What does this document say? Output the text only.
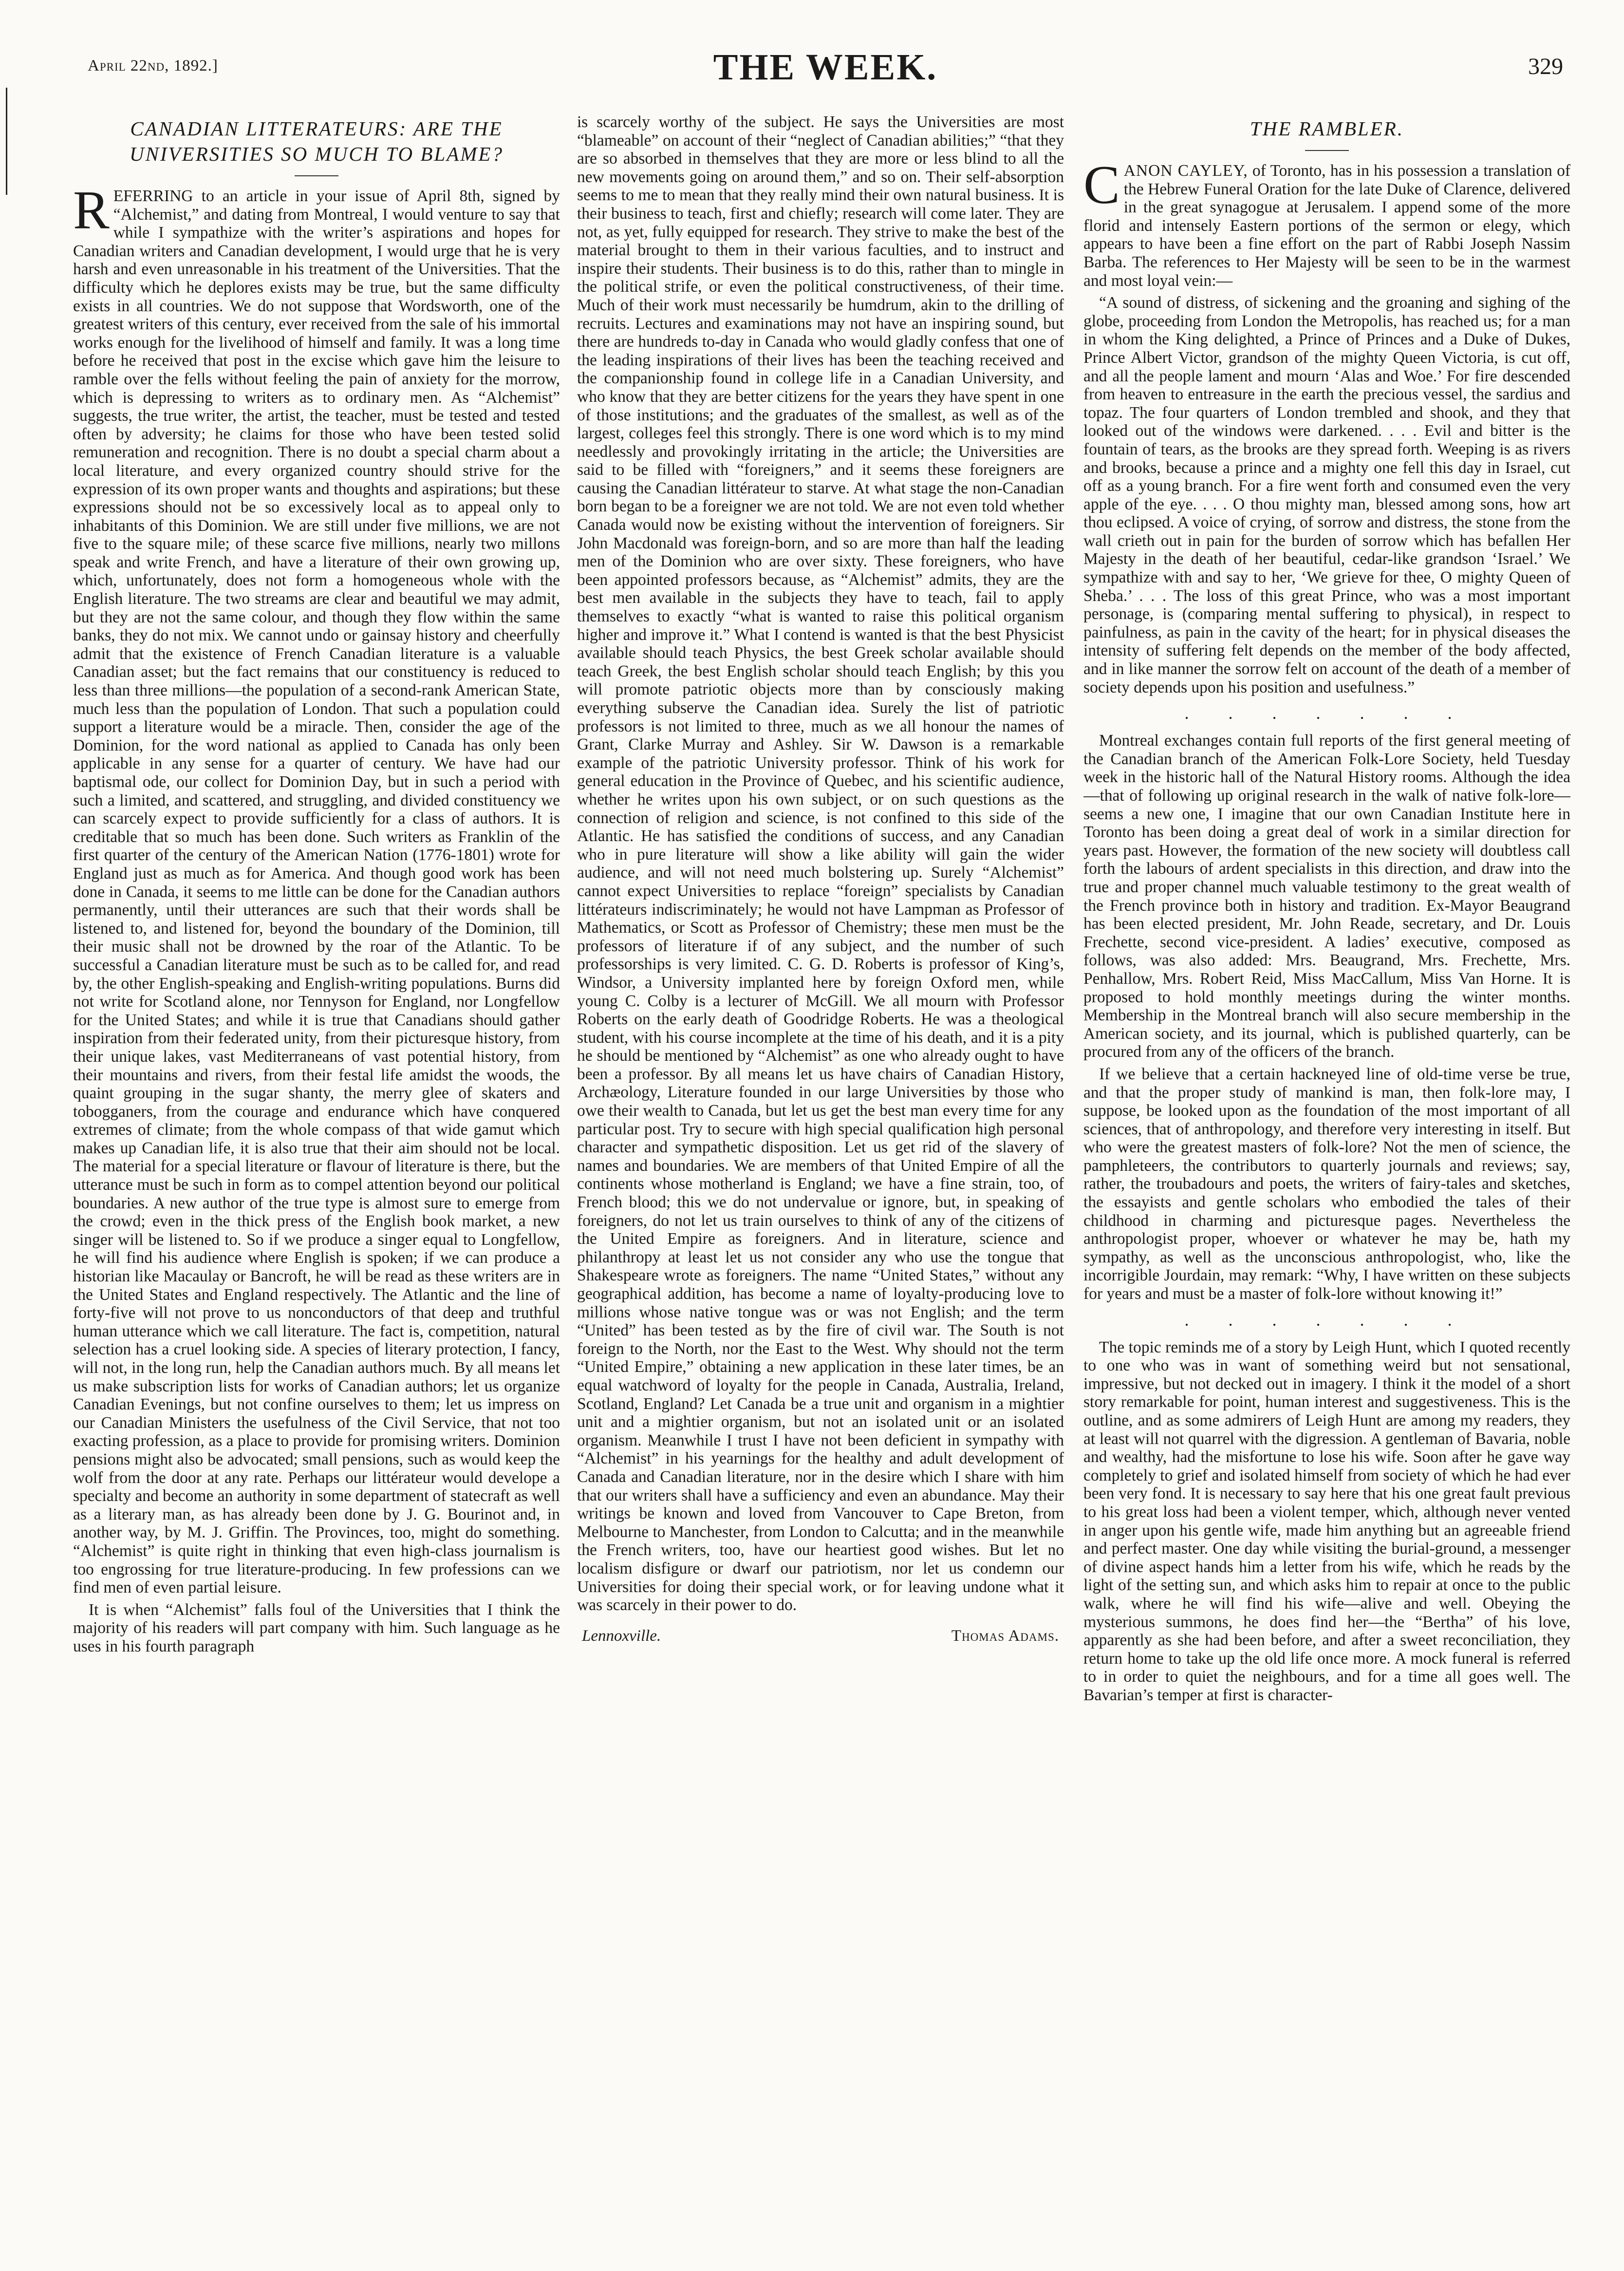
April 22nd, 1892.]	THE WEEK.	329
CANADIAN LITTERATEURS: ARE THE UNIVERSITIES SO MUCH TO BLAME?

REFERRING to an article in your issue of April 8th, signed by “Alchemist,” and dating from Montreal, I would venture to say that while I sympathize with the writer’s aspirations and hopes for Canadian writers and Canadian development, I would urge that he is very harsh and even unreasonable in his treatment of the Universities. That the difficulty which he deplores exists may be true, but the same difficulty exists in all countries. We do not suppose that Wordsworth, one of the greatest writers of this century, ever received from the sale of his immortal works enough for the livelihood of himself and family. It was a long time before he received that post in the excise which gave him the leisure to ramble over the fells without feeling the pain of anxiety for the morrow, which is depressing to writers as to ordinary men. As “Alchemist” suggests, the true writer, the artist, the teacher, must be tested and tested often by adversity; he claims for those who have been tested solid remuneration and recognition. There is no doubt a special charm about a local literature, and every organized country should strive for the expression of its own proper wants and thoughts and aspirations; but these expressions should not be so excessively local as to appeal only to inhabitants of this Dominion. We are still under five millions, we are not five to the square mile; of these scarce five millions, nearly two millons speak and write French, and have a literature of their own growing up, which, unfortunately, does not form a homogeneous whole with the English literature. The two streams are clear and beautiful we may admit, but they are not the same colour, and though they flow within the same banks, they do not mix. We cannot undo or gainsay history and cheerfully admit that the existence of French Canadian literature is a valuable Canadian asset; but the fact remains that our constituency is reduced to less than three millions—the population of a second-rank American State, much less than the population of London. That such a population could support a literature would be a miracle. Then, consider the age of the Dominion, for the word national as applied to Canada has only been applicable in any sense for a quarter of century. We have had our baptismal ode, our collect for Dominion Day, but in such a period with such a limited, and scattered, and struggling, and divided constituency we can scarcely expect to provide sufficiently for a class of authors. It is creditable that so much has been done. Such writers as Franklin of the first quarter of the century of the American Nation (1776-1801) wrote for England just as much as for America. And though good work has been done in Canada, it seems to me little can be done for the Canadian authors permanently, until their utterances are such that their words shall be listened to, and listened for, beyond the boundary of the Dominion, till their music shall not be drowned by the roar of the Atlantic. To be successful a Canadian literature must be such as to be called for, and read by, the other English-speaking and English-writing populations. Burns did not write for Scotland alone, nor Tennyson for England, nor Longfellow for the United States; and while it is true that Canadians should gather inspiration from their federated unity, from their picturesque history, from their unique lakes, vast Mediterraneans of vast potential history, from their mountains and rivers, from their festal life amidst the woods, the quaint grouping in the sugar shanty, the merry glee of skaters and tobogganers, from the courage and endurance which have conquered extremes of climate; from the whole compass of that wide gamut which makes up Canadian life, it is also true that their aim should not be local. The material for a special literature or flavour of literature is there, but the utterance must be such in form as to compel attention beyond our political boundaries. A new author of the true type is almost sure to emerge from the crowd; even in the thick press of the English book market, a new singer will be listened to. So if we produce a singer equal to Longfellow, he will find his audience where English is spoken; if we can produce a historian like Macaulay or Bancroft, he will be read as these writers are in the United States and England respectively. The Atlantic and the line of forty-five will not prove to us nonconductors of that deep and truthful human utterance which we call literature. The fact is, competition, natural selection has a cruel looking side. A species of literary protection, I fancy, will not, in the long run, help the Canadian authors much. By all means let us make subscription lists for works of Canadian authors; let us organize Canadian Evenings, but not confine ourselves to them; let us impress on our Canadian Ministers the usefulness of the Civil Service, that not too exacting profession, as a place to provide for promising writers. Dominion pensions might also be advocated; small pensions, such as would keep the wolf from the door at any rate. Perhaps our littérateur would develope a specialty and become an authority in some department of statecraft as well as a literary man, as has already been done by J. G. Bourinot and, in another way, by M. J. Griffin. The Provinces, too, might do something. “Alchemist” is quite right in thinking that even high-class journalism is too engrossing for true literature-producing. In few professions can we find men of even partial leisure.

It is when “Alchemist” falls foul of the Universities that I think the majority of his readers will part company with him. Such language as he uses in his fourth paragraph

is scarcely worthy of the subject. He says the Universities are most “blameable” on account of their “neglect of Canadian abilities;” “that they are so absorbed in themselves that they are more or less blind to all the new movements going on around them,” and so on. Their self-absorption seems to me to mean that they really mind their own natural business. It is their business to teach, first and chiefly; research will come later. They are not, as yet, fully equipped for research. They strive to make the best of the material brought to them in their various faculties, and to instruct and inspire their students. Their business is to do this, rather than to mingle in the political strife, or even the political constructiveness, of their time. Much of their work must necessarily be humdrum, akin to the drilling of recruits. Lectures and examinations may not have an inspiring sound, but there are hundreds to-day in Canada who would gladly confess that one of the leading inspirations of their lives has been the teaching received and the companionship found in college life in a Canadian University, and who know that they are better citizens for the years they have spent in one of those institutions; and the graduates of the smallest, as well as of the largest, colleges feel this strongly. There is one word which is to my mind needlessly and provokingly irritating in the article; the Universities are said to be filled with “foreigners,” and it seems these foreigners are causing the Canadian littérateur to starve. At what stage the non-Canadian born began to be a foreigner we are not told. We are not even told whether Canada would now be existing without the intervention of foreigners. Sir John Macdonald was foreign-born, and so are more than half the leading men of the Dominion who are over sixty. These foreigners, who have been appointed professors because, as “Alchemist” admits, they are the best men available in the subjects they have to teach, fail to apply themselves to exactly “what is wanted to raise this political organism higher and improve it.” What I contend is wanted is that the best Physicist available should teach Physics, the best Greek scholar available should teach Greek, the best English scholar should teach English; by this you will promote patriotic objects more than by consciously making everything subserve the Canadian idea. Surely the list of patriotic professors is not limited to three, much as we all honour the names of Grant, Clarke Murray and Ashley. Sir W. Dawson is a remarkable example of the patriotic University professor. Think of his work for general education in the Province of Quebec, and his scientific audience, whether he writes upon his own subject, or on such questions as the connection of religion and science, is not confined to this side of the Atlantic. He has satisfied the conditions of success, and any Canadian who in pure literature will show a like ability will gain the wider audience, and will not need much bolstering up. Surely “Alchemist” cannot expect Universities to replace “foreign” specialists by Canadian littérateurs indiscriminately; he would not have Lampman as Professor of Mathematics, or Scott as Professor of Chemistry; these men must be the professors of literature if of any subject, and the number of such professorships is very limited. C. G. D. Roberts is professor of King’s, Windsor, a University implanted here by foreign Oxford men, while young C. Colby is a lecturer of McGill. We all mourn with Professor Roberts on the early death of Goodridge Roberts. He was a theological student, with his course incomplete at the time of his death, and it is a pity he should be mentioned by “Alchemist” as one who already ought to have been a professor. By all means let us have chairs of Canadian History, Archæology, Literature founded in our large Universities by those who owe their wealth to Canada, but let us get the best man every time for any particular post. Try to secure with high special qualification high personal character and sympathetic disposition. Let us get rid of the slavery of names and boundaries. We are members of that United Empire of all the continents whose motherland is England; we have a fine strain, too, of French blood; this we do not undervalue or ignore, but, in speaking of foreigners, do not let us train ourselves to think of any of the citizens of the United Empire as foreigners. And in literature, science and philanthropy at least let us not consider any who use the tongue that Shakespeare wrote as foreigners. The name “United States,” without any geographical addition, has become a name of loyalty-producing love to millions whose native tongue was or was not English; and the term “United” has been tested as by the fire of civil war. The South is not foreign to the North, nor the East to the West. Why should not the term “United Empire,” obtaining a new application in these later times, be an equal watchword of loyalty for the people in Canada, Australia, Ireland, Scotland, England? Let Canada be a true unit and organism in a mightier unit and a mightier organism, but not an isolated unit or an isolated organism. Meanwhile I trust I have not been deficient in sympathy with “Alchemist” in his yearnings for the healthy and adult development of Canada and Canadian literature, nor in the desire which I share with him that our writers shall have a sufficiency and even an abundance. May their writings be known and loved from Vancouver to Cape Breton, from Melbourne to Manchester, from London to Calcutta; and in the meanwhile the French writers, too, have our heartiest good wishes. But let no localism disfigure or dwarf our patriotism, nor let us condemn our Universities for doing their special work, or for leaving undone what it was scarcely in their power to do.

Lennoxville.	Thomas Adams.
THE RAMBLER.

CANON CAYLEY, of Toronto, has in his possession a translation of the Hebrew Funeral Oration for the late Duke of Clarence, delivered in the great synagogue at Jerusalem. I append some of the more florid and intensely Eastern portions of the sermon or elegy, which appears to have been a fine effort on the part of Rabbi Joseph Nassim Barba. The references to Her Majesty will be seen to be in the warmest and most loyal vein:—

“A sound of distress, of sickening and the groaning and sighing of the globe, proceeding from London the Metropolis, has reached us; for a man in whom the King delighted, a Prince of Princes and a Duke of Dukes, Prince Albert Victor, grandson of the mighty Queen Victoria, is cut off, and all the people lament and mourn ‘Alas and Woe.’ For fire descended from heaven to entreasure in the earth the precious vessel, the sardius and topaz. The four quarters of London trembled and shook, and they that looked out of the windows were darkened. . . . Evil and bitter is the fountain of tears, as the brooks are they spread forth. Weeping is as rivers and brooks, because a prince and a mighty one fell this day in Israel, cut off as a young branch. For a fire went forth and consumed even the very apple of the eye. . . . O thou mighty man, blessed among sons, how art thou eclipsed. A voice of crying, of sorrow and distress, the stone from the wall crieth out in pain for the burden of sorrow which has befallen Her Majesty in the death of her beautiful, cedar-like grandson ‘Israel.’ We sympathize with and say to her, ‘We grieve for thee, O mighty Queen of Sheba.’ . . . The loss of this great Prince, who was a most important personage, is (comparing mental suffering to physical), in respect to painfulness, as pain in the cavity of the heart; for in physical diseases the intensity of suffering felt depends on the member of the body affected, and in like manner the sorrow felt on account of the death of a member of society depends upon his position and usefulness.”

. . . . . . .

Montreal exchanges contain full reports of the first general meeting of the Canadian branch of the American Folk-Lore Society, held Tuesday week in the historic hall of the Natural History rooms. Although the idea—that of following up original research in the walk of native folk-lore—seems a new one, I imagine that our own Canadian Institute here in Toronto has been doing a great deal of work in a similar direction for years past. However, the formation of the new society will doubtless call forth the labours of ardent specialists in this direction, and draw into the true and proper channel much valuable testimony to the great wealth of the French province both in history and tradition. Ex-Mayor Beaugrand has been elected president, Mr. John Reade, secretary, and Dr. Louis Frechette, second vice-president. A ladies’ executive, composed as follows, was also added: Mrs. Beaugrand, Mrs. Frechette, Mrs. Penhallow, Mrs. Robert Reid, Miss MacCallum, Miss Van Horne. It is proposed to hold monthly meetings during the winter months. Membership in the Montreal branch will also secure membership in the American society, and its journal, which is published quarterly, can be procured from any of the officers of the branch.

If we believe that a certain hackneyed line of old-time verse be true, and that the proper study of mankind is man, then folk-lore may, I suppose, be looked upon as the foundation of the most important of all sciences, that of anthropology, and therefore very interesting in itself. But who were the greatest masters of folk-lore? Not the men of science, the pamphleteers, the contributors to quarterly journals and reviews; say, rather, the troubadours and poets, the writers of fairy-tales and sketches, the essayists and gentle scholars who embodied the tales of their childhood in charming and picturesque pages. Nevertheless the anthropologist proper, whoever or whatever he may be, hath my sympathy, as well as the unconscious anthropologist, who, like the incorrigible Jourdain, may remark: “Why, I have written on these subjects for years and must be a master of folk-lore without knowing it!”

. . . . . . .

The topic reminds me of a story by Leigh Hunt, which I quoted recently to one who was in want of something weird but not sensational, impressive, but not decked out in imagery. I think it the model of a short story remarkable for point, human interest and suggestiveness. This is the outline, and as some admirers of Leigh Hunt are among my readers, they at least will not quarrel with the digression. A gentleman of Bavaria, noble and wealthy, had the misfortune to lose his wife. Soon after he gave way completely to grief and isolated himself from society of which he had ever been very fond. It is necessary to say here that his one great fault previous to his great loss had been a violent temper, which, although never vented in anger upon his gentle wife, made him anything but an agreeable friend and perfect master. One day while visiting the burial-ground, a messenger of divine aspect hands him a letter from his wife, which he reads by the light of the setting sun, and which asks him to repair at once to the public walk, where he will find his wife—alive and well. Obeying the mysterious summons, he does find her—the “Bertha” of his love, apparently as she had been before, and after a sweet reconciliation, they return home to take up the old life once more. A mock funeral is referred to in order to quiet the neighbours, and for a time all goes well. The Bavarian’s temper at first is character-
